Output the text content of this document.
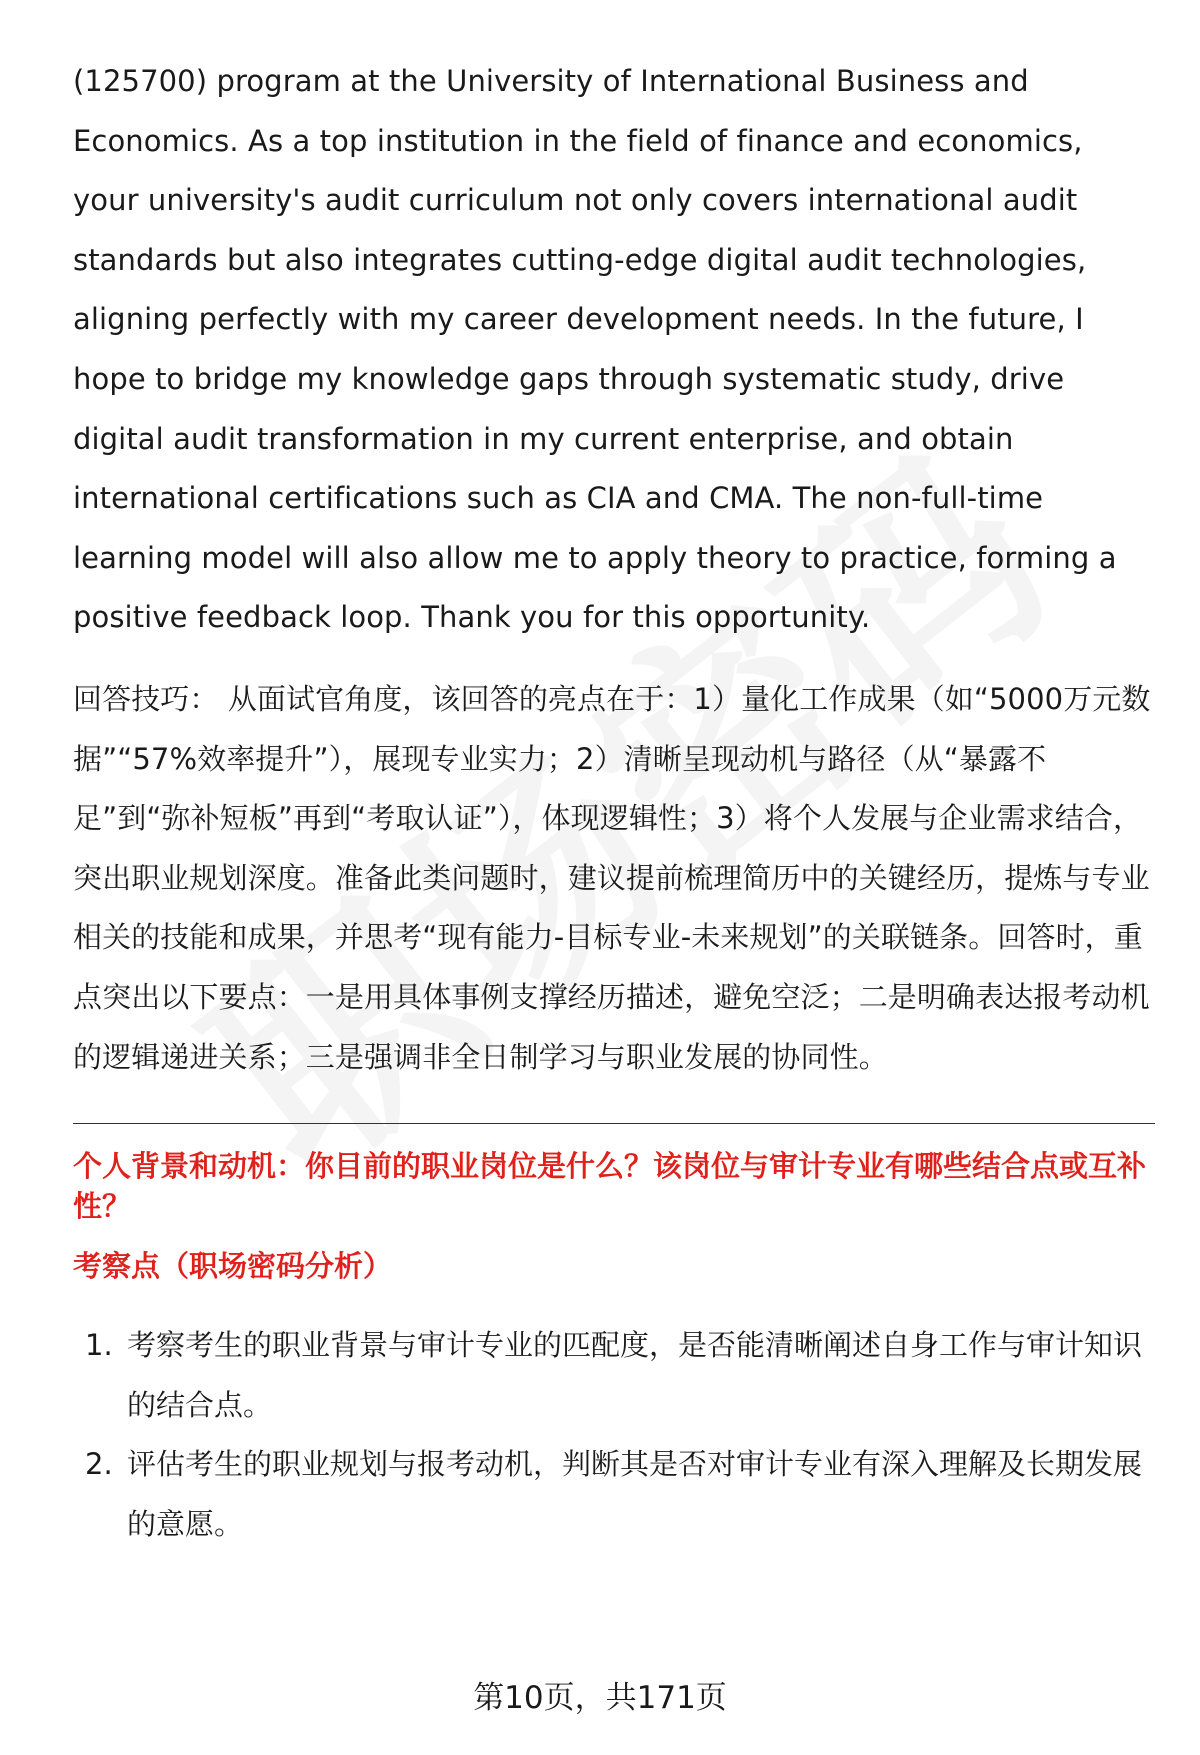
(125700) program at the University of International Business and Economics. As a top institution in the field of finance and economics, your university's audit curriculum not only covers international audit standards but also integrates cutting-edge digital audit technologies, aligning perfectly with my career development needs. In the future, I hope to bridge my knowledge gaps through systematic study, drive digital audit transformation in my current enterprise, and obtain international certifications such as CIA and CMA. The non-full-time learning model will also allow me to apply theory to practice, forming a positive feedback loop. Thank you for this opportunity.

回答技巧： 从面试官角度，该回答的亮点在于：1）量化工作成果（如“5000万元数据”“57%效率提升”），展现专业实力；2）清晰呈现动机与路径（从“暴露不足”到“弥补短板”再到“考取认证”），体现逻辑性；3）将个人发展与企业需求结合，突出职业规划深度。准备此类问题时，建议提前梳理简历中的关键经历，提炼与专业相关的技能和成果，并思考“现有能力-目标专业-未来规划”的关联链条。回答时，重点突出以下要点：一是用具体事例支撑经历描述，避免空泛；二是明确表达报考动机的逻辑递进关系；三是强调非全日制学习与职业发展的协同性。

个人背景和动机：你目前的职业岗位是什么？该岗位与审计专业有哪些结合点或互补性？
考察点（职场密码分析）
1. 考察考生的职业背景与审计专业的匹配度，是否能清晰阐述自身工作与审计知识的结合点。
2. 评估考生的职业规划与报考动机，判断其是否对审计专业有深入理解及长期发展的意愿。
第10页，共171页
